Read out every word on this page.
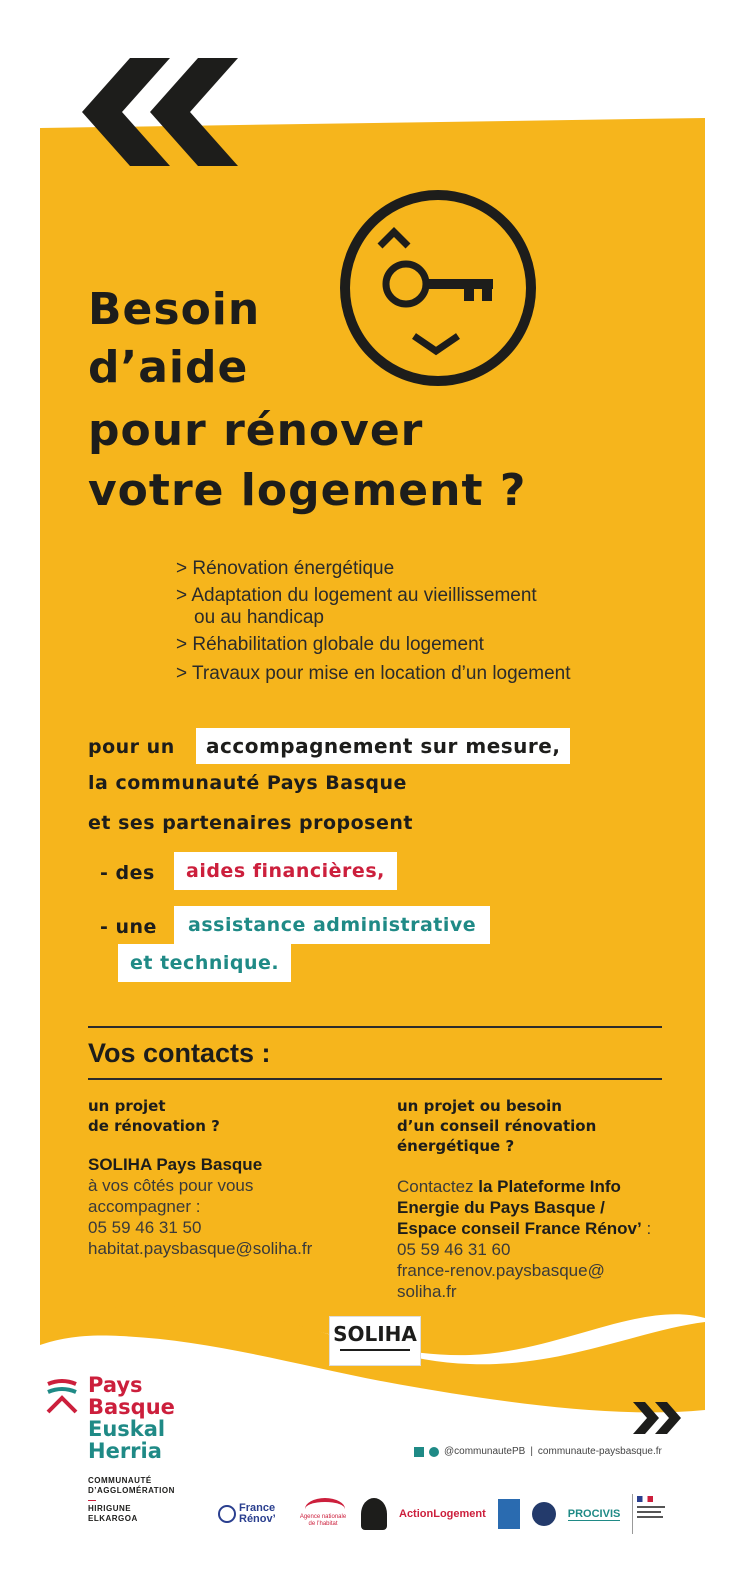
Besoin
d’aide
pour rénover
votre logement ?
> Rénovation énergétique
> Adaptation du logement au vieillissement
ou au handicap
> Réhabilitation globale du logement
> Travaux pour mise en location d’un logement
pour un	accompagnement sur mesure,
la communauté Pays Basque
et ses partenaires proposent
- des	aides financières,
- une	assistance administrative
et technique.
Vos contacts :
un projet
de rénovation ?
SOLIHA Pays Basque
à vos côtés pour vous
accompagner :
05 59 46 31 50
habitat.paysbasque@soliha.fr
un projet ou besoin
d’un conseil rénovation
énergétique ?
Contactez la Plateforme Info
Energie du Pays Basque /
Espace conseil France Rénov’ :
05 59 46 31 60
france-renov.paysbasque@
soliha.fr
SOLIHA
Pays
Basque
Euskal
Herria
COMMUNAUTÉ
D’AGGLOMÉRATION
HIRIGUNE
ELKARGOA
@communautePB | communaute-paysbasque.fr
France Rénov’	Agence nationale de l’habitat
ActionLogement	PROCIVIS
